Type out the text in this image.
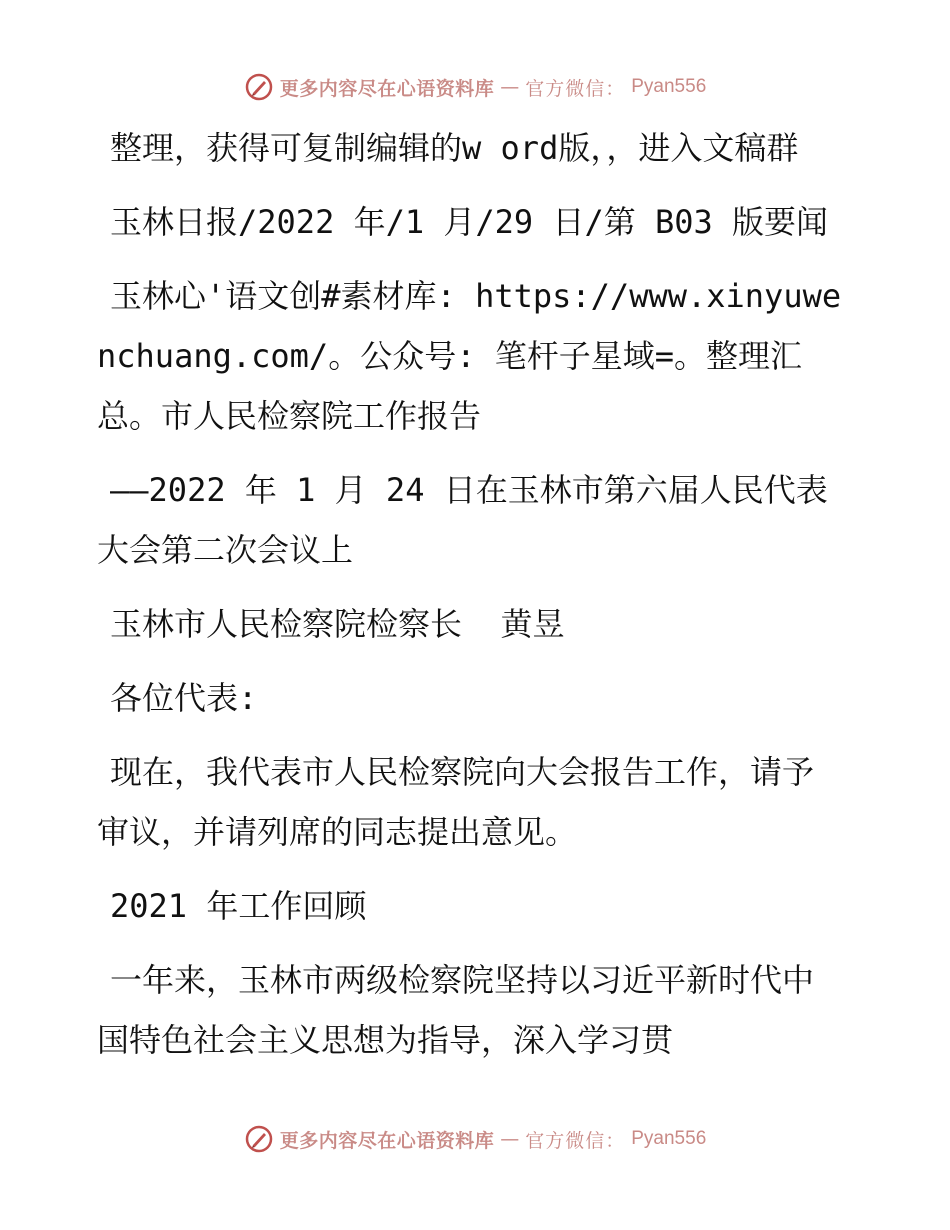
更多内容尽在心语资料库 — 官方微信： Pyan556

整理，获得可复制编辑的w ord版，，进入文稿群

玉林日报/2022 年/1 月/29 日/第 B03 版要闻

玉林心'语文创#素材库: https://www.xinyuwenchuang.com/。公众号: 笔杆子星域=。整理汇总。市人民检察院工作报告

——2022 年 1 月 24 日在玉林市第六届人民代表大会第二次会议上

玉林市人民检察院检察长  黄昱

各位代表:

现在，我代表市人民检察院向大会报告工作，请予审议，并请列席的同志提出意见。

2021 年工作回顾

一年来，玉林市两级检察院坚持以习近平新时代中国特色社会主义思想为指导，深入学习贯

更多内容尽在心语资料库 — 官方微信： Pyan556
